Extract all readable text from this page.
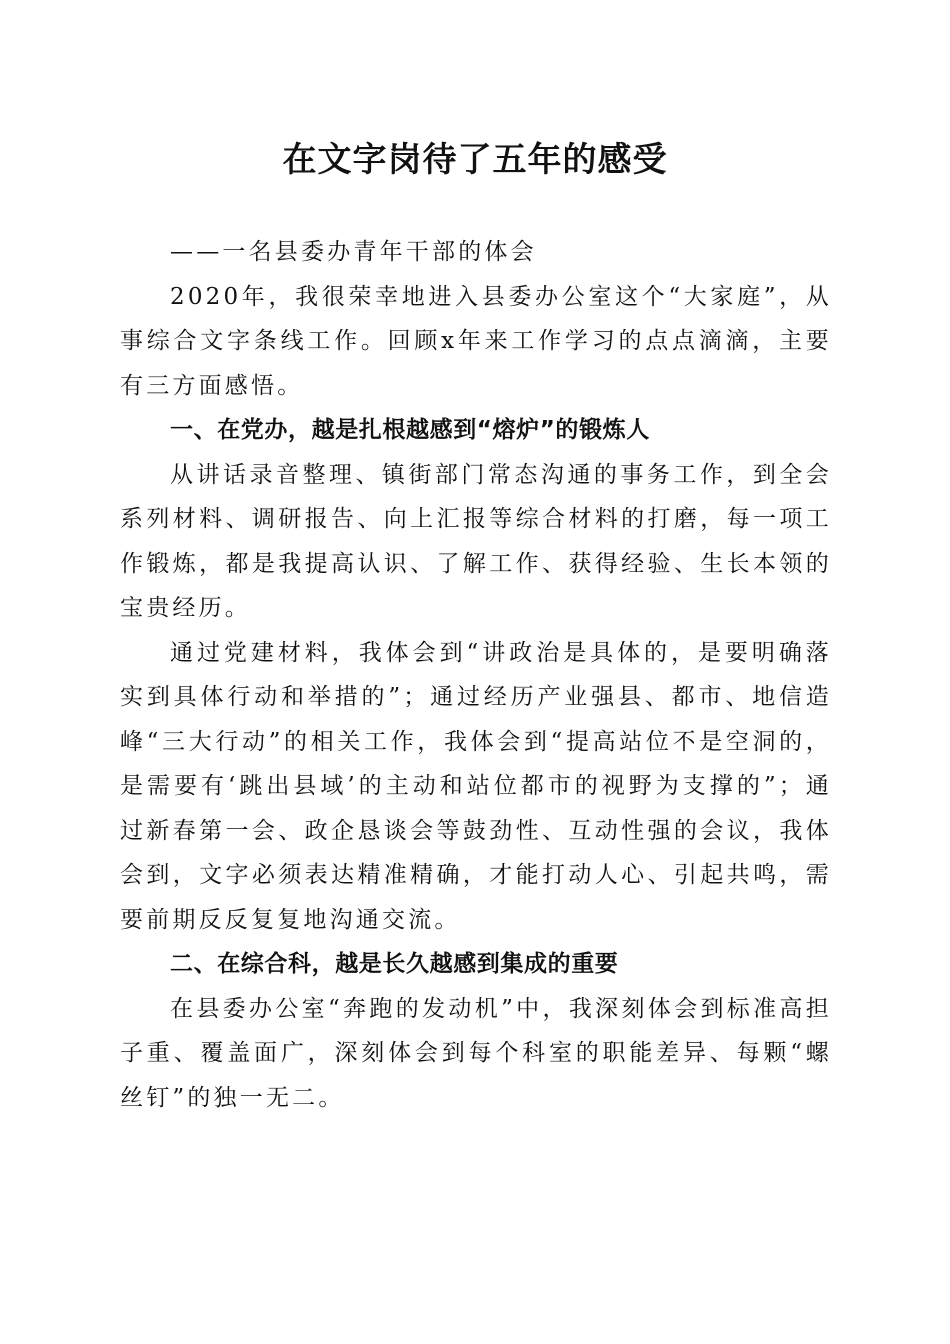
在文字岗待了五年的感受

——一名县委办青年干部的体会

2020年，我很荣幸地进入县委办公室这个“大家庭”，从事综合文字条线工作。回顾x年来工作学习的点点滴滴，主要有三方面感悟。

一、在党办，越是扎根越感到“熔炉”的锻炼人

从讲话录音整理、镇街部门常态沟通的事务工作，到全会系列材料、调研报告、向上汇报等综合材料的打磨，每一项工作锻炼，都是我提高认识、了解工作、获得经验、生长本领的宝贵经历。

通过党建材料，我体会到“讲政治是具体的，是要明确落实到具体行动和举措的”；通过经历产业强县、都市、地信造峰“三大行动”的相关工作，我体会到“提高站位不是空洞的，是需要有‘跳出县域’的主动和站位都市的视野为支撑的”；通过新春第一会、政企恳谈会等鼓劲性、互动性强的会议，我体会到，文字必须表达精准精确，才能打动人心、引起共鸣，需要前期反反复复地沟通交流。

二、在综合科，越是长久越感到集成的重要

在县委办公室“奔跑的发动机”中，我深刻体会到标准高担子重、覆盖面广，深刻体会到每个科室的职能差异、每颗“螺丝钉”的独一无二。
